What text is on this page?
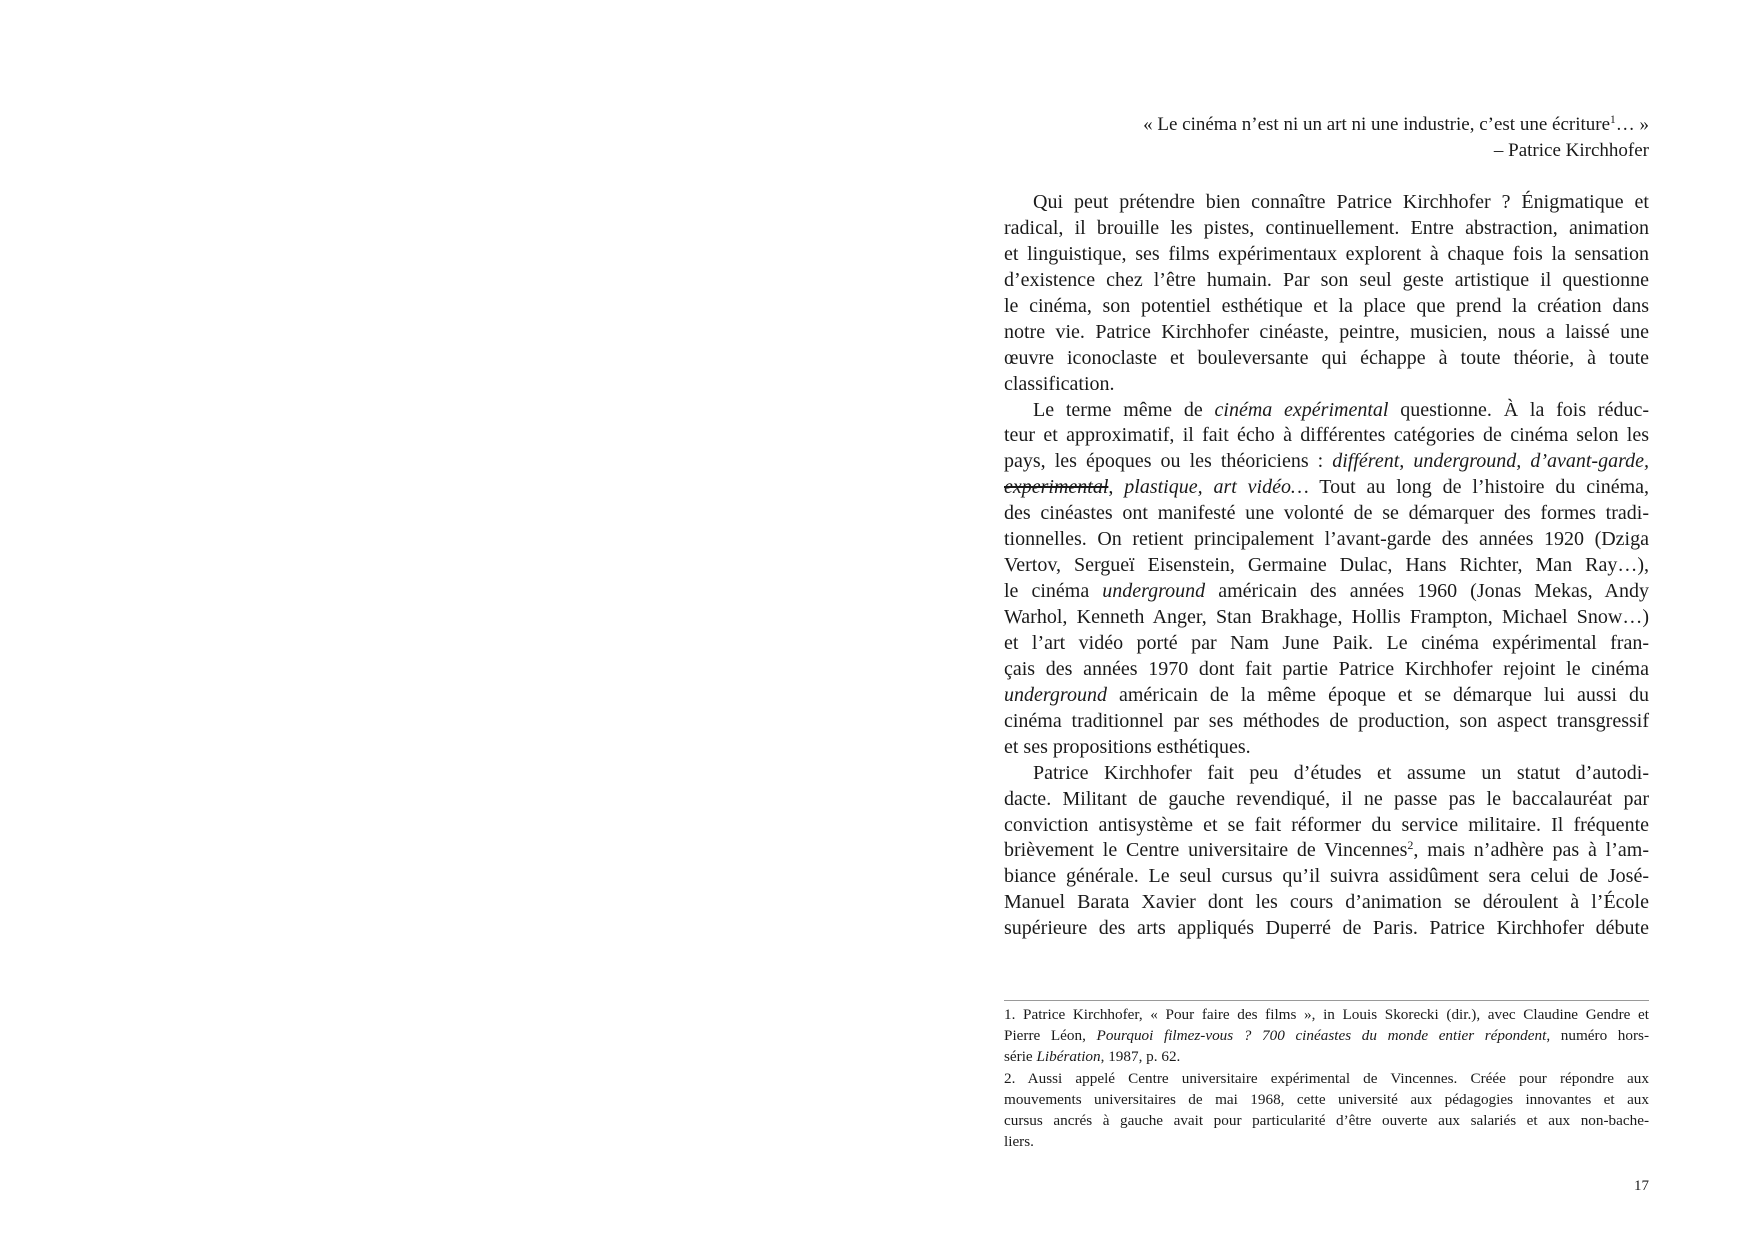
« Le cinéma n’est ni un art ni une industrie, c’est une écriture$^1$… »
– Patrice Kirchhofer
Qui peut prétendre bien connaître Patrice Kirchhofer ? Énigmatique et
radical, il brouille les pistes, continuellement. Entre abstraction, animation
et linguistique, ses films expérimentaux explorent à chaque fois la sensation
d’existence chez l’être humain. Par son seul geste artistique il questionne
le cinéma, son potentiel esthétique et la place que prend la création dans
notre vie. Patrice Kirchhofer cinéaste, peintre, musicien, nous a laissé une
œuvre iconoclaste et bouleversante qui échappe à toute théorie, à toute
classification.
Le terme même de cinéma expérimental questionne. À la fois réduc-
teur et approximatif, il fait écho à différentes catégories de cinéma selon les
pays, les époques ou les théoriciens : différent, underground, d’avant-garde,
experimental, plastique, art vidéo… Tout au long de l’histoire du cinéma,
des cinéastes ont manifesté une volonté de se démarquer des formes tradi-
tionnelles. On retient principalement l’avant-garde des années 1920 (Dziga
Vertov, Sergueï Eisenstein, Germaine Dulac, Hans Richter, Man Ray…),
le cinéma underground américain des années 1960 (Jonas Mekas, Andy
Warhol, Kenneth Anger, Stan Brakhage, Hollis Frampton, Michael Snow…)
et l’art vidéo porté par Nam June Paik. Le cinéma expérimental fran-
çais des années 1970 dont fait partie Patrice Kirchhofer rejoint le cinéma
underground américain de la même époque et se démarque lui aussi du
cinéma traditionnel par ses méthodes de production, son aspect transgressif
et ses propositions esthétiques.
Patrice Kirchhofer fait peu d’études et assume un statut d’autodi-
dacte. Militant de gauche revendiqué, il ne passe pas le baccalauréat par
conviction antisystème et se fait réformer du service militaire. Il fréquente
brièvement le Centre universitaire de Vincennes$^2$, mais n’adhère pas à l’am-
biance générale. Le seul cursus qu’il suivra assidûment sera celui de José-
Manuel Barata Xavier dont les cours d’animation se déroulent à l’École
supérieure des arts appliqués Duperré de Paris. Patrice Kirchhofer débute
1. Patrice Kirchhofer, « Pour faire des films », in Louis Skorecki (dir.), avec Claudine Gendre et
Pierre Léon, Pourquoi filmez-vous ? 700 cinéastes du monde entier répondent, numéro hors-
série Libération, 1987, p. 62.
2. Aussi appelé Centre universitaire expérimental de Vincennes. Créée pour répondre aux
mouvements universitaires de mai 1968, cette université aux pédagogies innovantes et aux
cursus ancrés à gauche avait pour particularité d’être ouverte aux salariés et aux non-bache-
liers.
17
